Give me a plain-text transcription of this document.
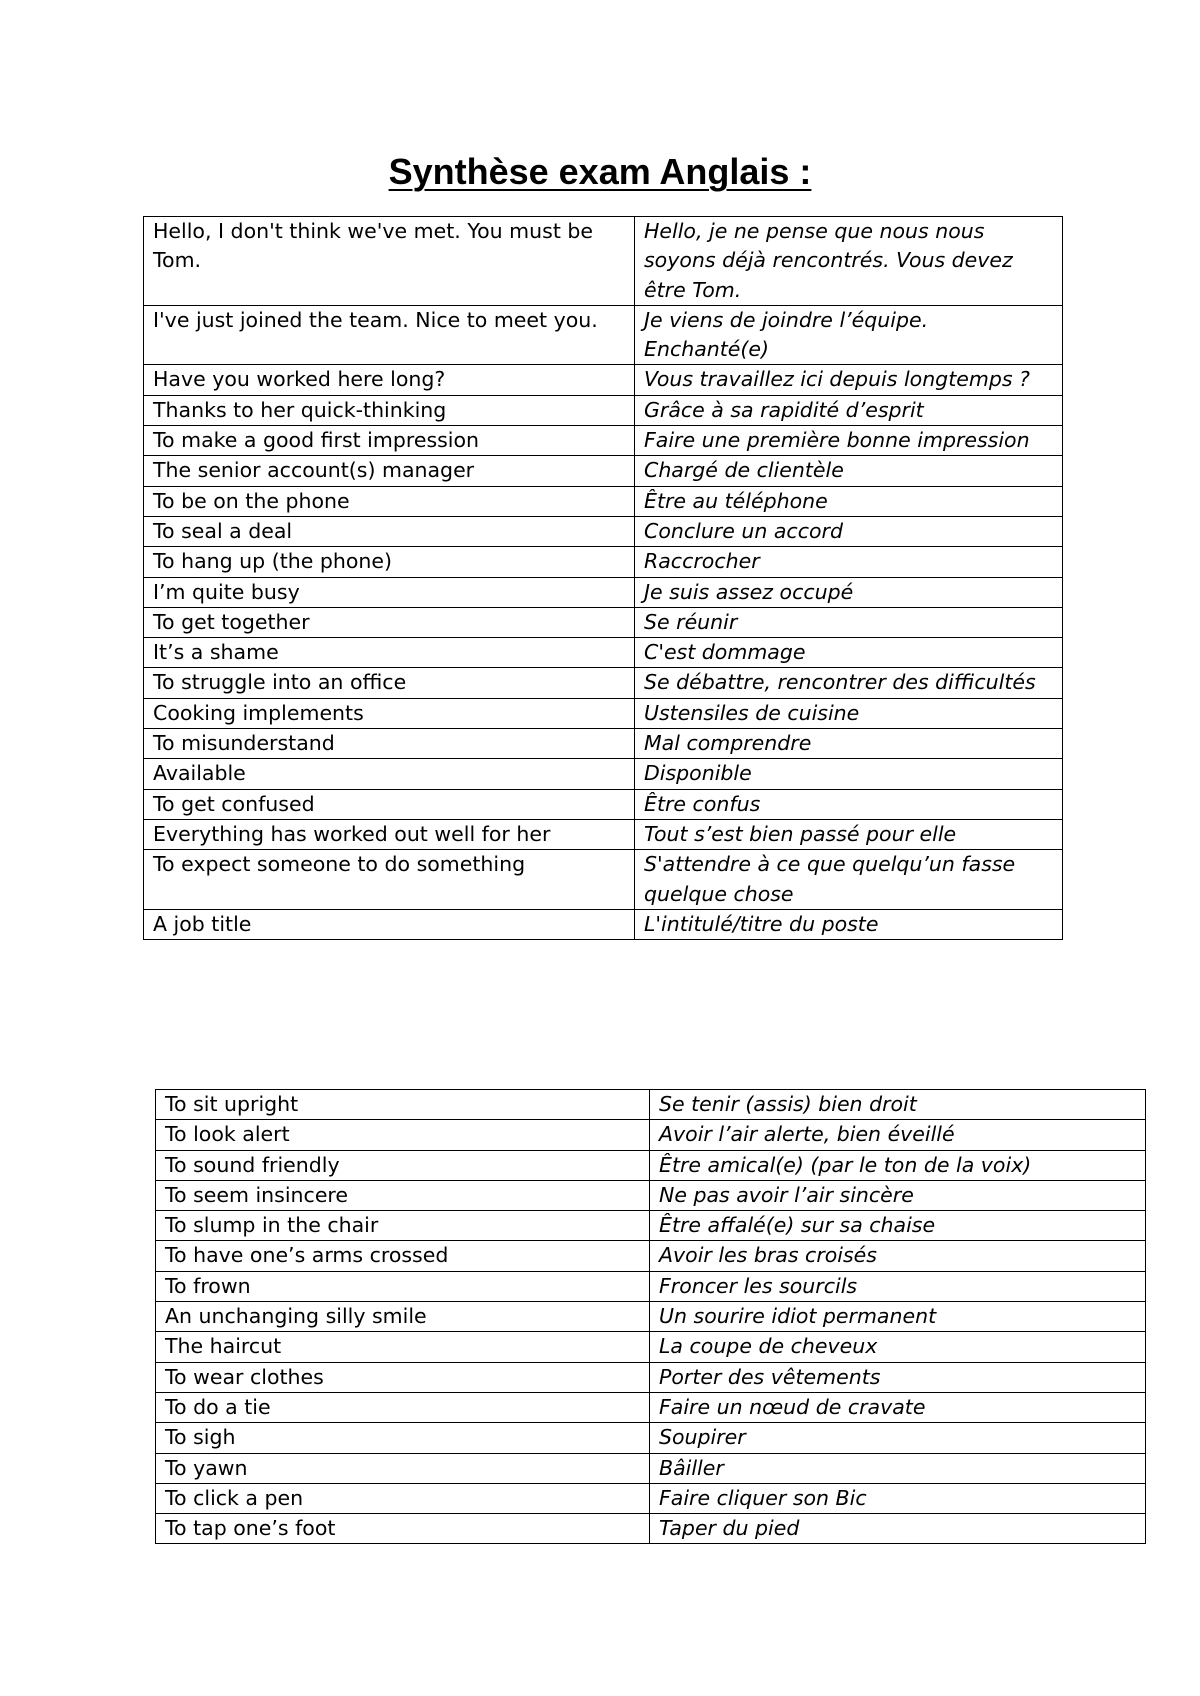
Synthèse exam Anglais :
Hello, I don't think we've met. You must be Tom.	Hello, je ne pense que nous nous soyons déjà rencontrés. Vous devez être Tom.
I've just joined the team. Nice to meet you.	Je viens de joindre l’équipe. Enchanté(e)
Have you worked here long?	Vous travaillez ici depuis longtemps ?
Thanks to her quick-thinking	Grâce à sa rapidité d’esprit
To make a good first impression	Faire une première bonne impression
The senior account(s) manager	Chargé de clientèle
To be on the phone	Être au téléphone
To seal a deal	Conclure un accord
To hang up (the phone)	Raccrocher
I’m quite busy	Je suis assez occupé
To get together	Se réunir
It’s a shame	C'est dommage
To struggle into an office	Se débattre, rencontrer des difficultés
Cooking implements	Ustensiles de cuisine
To misunderstand	Mal comprendre
Available	Disponible
To get confused	Être confus
Everything has worked out well for her	Tout s’est bien passé pour elle
To expect someone to do something	S'attendre à ce que quelqu’un fasse quelque chose
A job title	L'intitulé/titre du poste
To sit upright	Se tenir (assis) bien droit
To look alert	Avoir l’air alerte, bien éveillé
To sound friendly	Être amical(e) (par le ton de la voix)
To seem insincere	Ne pas avoir l’air sincère
To slump in the chair	Être affalé(e) sur sa chaise
To have one’s arms crossed	Avoir les bras croisés
To frown	Froncer les sourcils
An unchanging silly smile	Un sourire idiot permanent
The haircut	La coupe de cheveux
To wear clothes	Porter des vêtements
To do a tie	Faire un nœud de cravate
To sigh	Soupirer
To yawn	Bâiller
To click a pen	Faire cliquer son Bic
To tap one’s foot	Taper du pied
